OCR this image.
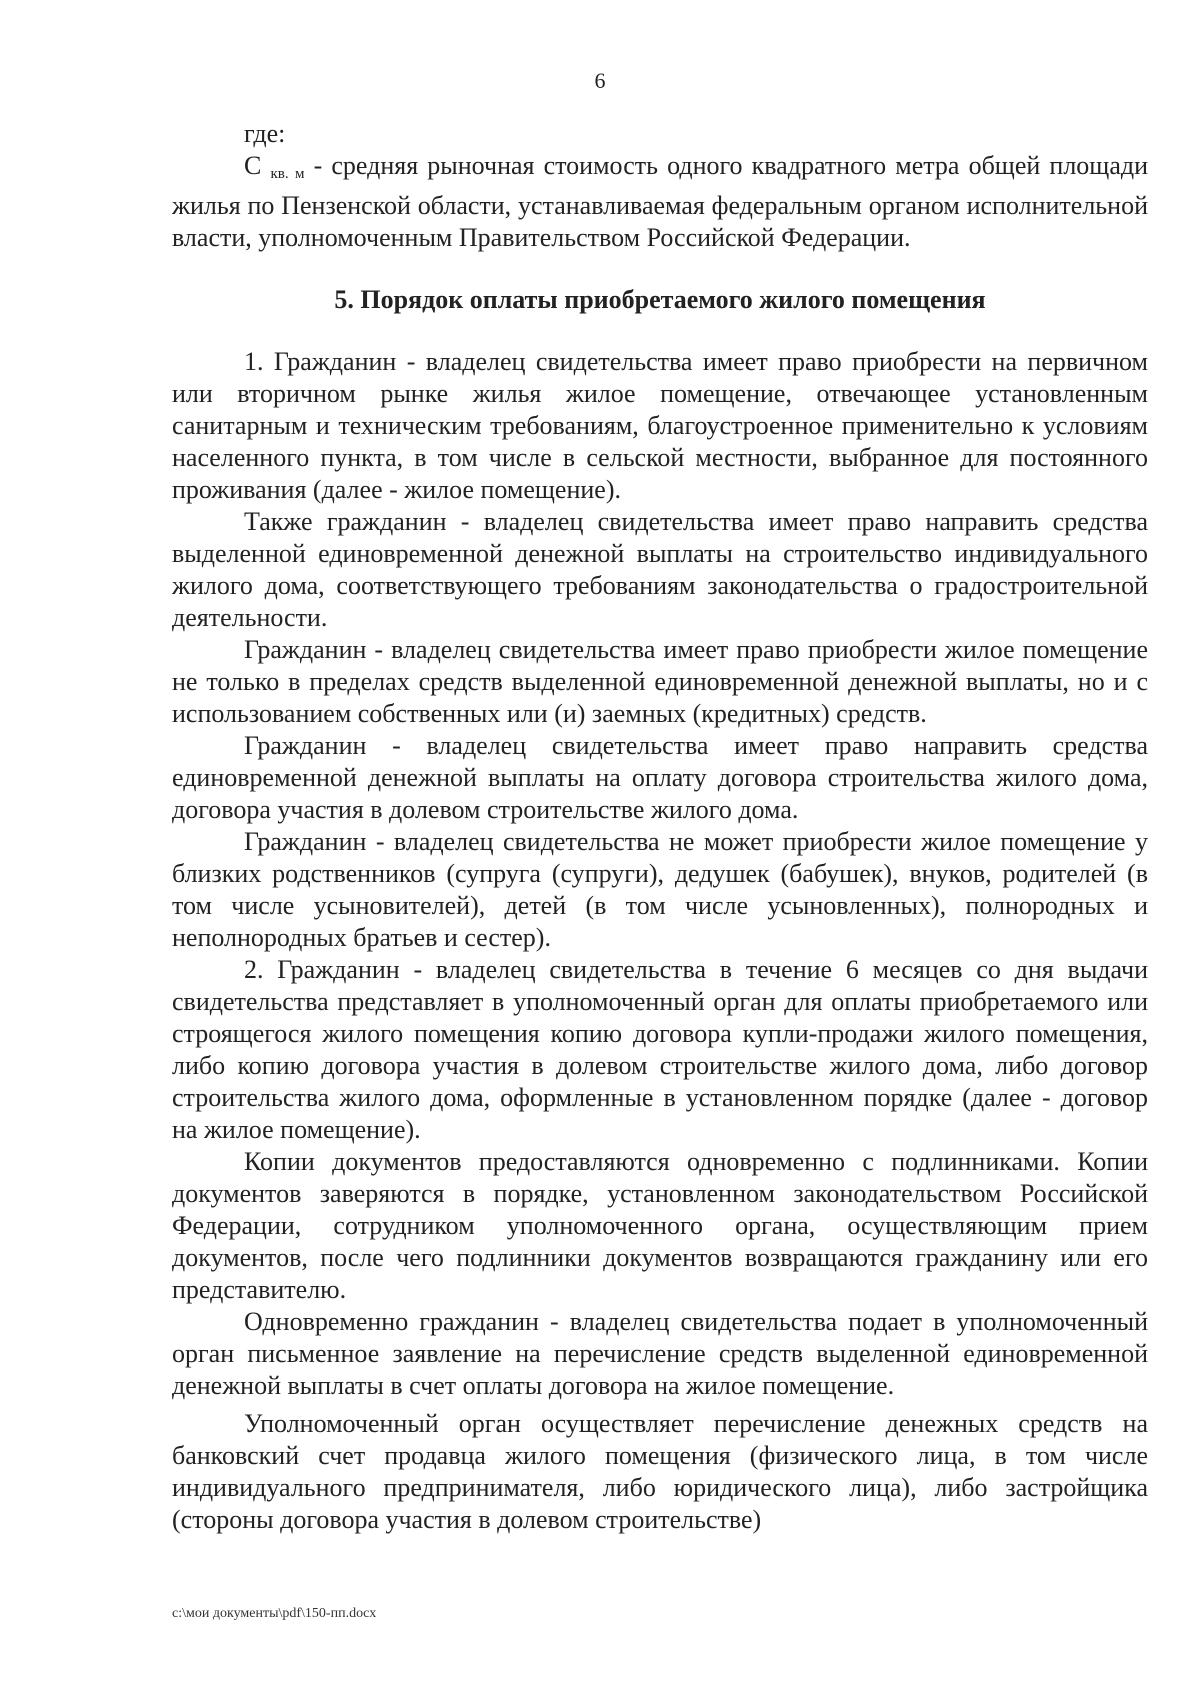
6

где:

С $_{кв. м}$ - средняя рыночная стоимость одного квадратного метра общей площади жилья по Пензенской области, устанавливаемая федеральным органом исполнительной власти, уполномоченным Правительством Российской Федерации.

5. Порядок оплаты приобретаемого жилого помещения

1. Гражданин - владелец свидетельства имеет право приобрести на первичном или вторичном рынке жилья жилое помещение, отвечающее установленным санитарным и техническим требованиям, благоустроенное применительно к условиям населенного пункта, в том числе в сельской местности, выбранное для постоянного проживания (далее - жилое помещение).

Также гражданин - владелец свидетельства имеет право направить средства выделенной единовременной денежной выплаты на строительство индивидуального жилого дома, соответствующего требованиям законодательства о градостроительной деятельности.

Гражданин - владелец свидетельства имеет право приобрести жилое помещение не только в пределах средств выделенной единовременной денежной выплаты, но и с использованием собственных или (и) заемных (кредитных) средств.

Гражданин - владелец свидетельства имеет право направить средства единовременной денежной выплаты на оплату договора строительства жилого дома, договора участия в долевом строительстве жилого дома.

Гражданин - владелец свидетельства не может приобрести жилое помещение у близких родственников (супруга (супруги), дедушек (бабушек), внуков, родителей (в том числе усыновителей), детей (в том числе усыновленных), полнородных и неполнородных братьев и сестер).

2. Гражданин - владелец свидетельства в течение 6 месяцев со дня выдачи свидетельства представляет в уполномоченный орган для оплаты приобретаемого или строящегося жилого помещения копию договора купли-продажи жилого помещения, либо копию договора участия в долевом строительстве жилого дома, либо договор строительства жилого дома, оформленные в установленном порядке (далее - договор на жилое помещение).

Копии документов предоставляются одновременно с подлинниками. Копии документов заверяются в порядке, установленном законодательством Российской Федерации, сотрудником уполномоченного органа, осуществляющим прием документов, после чего подлинники документов возвращаются гражданину или его представителю.

Одновременно гражданин - владелец свидетельства подает в уполномоченный орган письменное заявление на перечисление средств выделенной единовременной денежной выплаты в счет оплаты договора на жилое помещение.

Уполномоченный орган осуществляет перечисление денежных средств на банковский счет продавца жилого помещения (физического лица, в том числе индивидуального предпринимателя, либо юридического лица), либо застройщика (стороны договора участия в долевом строительстве)

c:\мои документы\pdf\150-пп.docx
